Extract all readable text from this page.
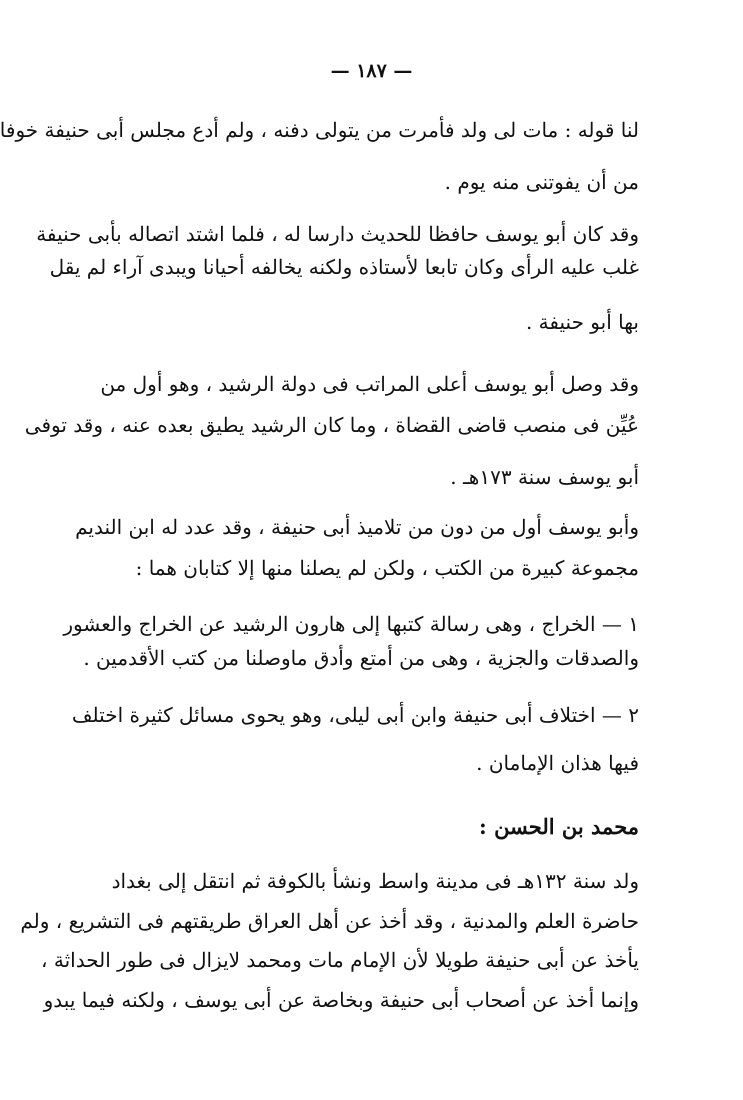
— ١٨٧ —
لنا قوله : مات لى ولد فأمرت من يتولى دفنه ، ولم أدع مجلس أبى حنيفة خوفا
من أن يفوتنى منه يوم .
وقد كان أبو يوسف حافظا للحديث دارسا له ، فلما اشتد اتصاله بأبى حنيفة
غلب عليه الرأى وكان تابعا لأستاذه ولكنه يخالفه أحيانا ويبدى آراء لم يقل
بها أبو حنيفة .
وقد وصل أبو يوسف أعلى المراتب فى دولة الرشيد ، وهو أول من
عُيِّن فى منصب قاضى القضاة ، وما كان الرشيد يطيق بعده عنه ، وقد توفى
أبو يوسف سنة ١٧٣هـ .
وأبو يوسف أول من دون من تلاميذ أبى حنيفة ، وقد عدد له ابن النديم
مجموعة كبيرة من الكتب ، ولكن لم يصلنا منها إلا كتابان هما :
١ — الخراج ، وهى رسالة كتبها إلى هارون الرشيد عن الخراج والعشور
والصدقات والجزية ، وهى من أمتع وأدق ماوصلنا من كتب الأقدمين .
٢ — اختلاف أبى حنيفة وابن أبى ليلى، وهو يحوى مسائل كثيرة اختلف
فيها هذان الإمامان .
محمد بن الحسن :
ولد سنة ١٣٢هـ فى مدينة واسط ونشأ بالكوفة ثم انتقل إلى بغداد
حاضرة العلم والمدنية ، وقد أخذ عن أهل العراق طريقتهم فى التشريع ، ولم
يأخذ عن أبى حنيفة طويلا لأن الإمام مات ومحمد لايزال فى طور الحداثة ،
وإنما أخذ عن أصحاب أبى حنيفة وبخاصة عن أبى يوسف ، ولكنه فيما يبدو
